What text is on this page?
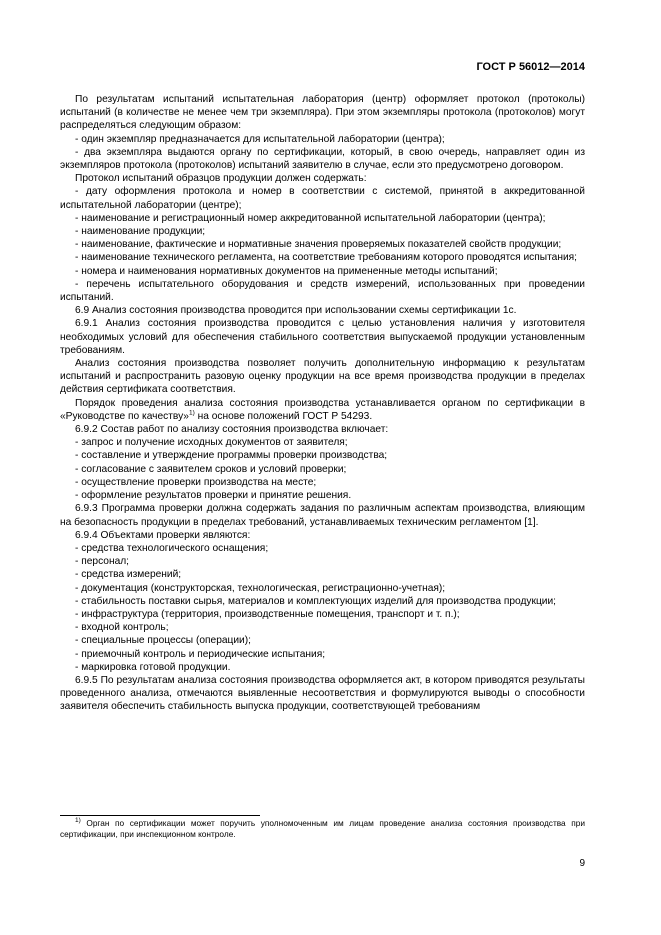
ГОСТ Р 56012—2014

По результатам испытаний испытательная лаборатория (центр) оформляет протокол (протоколы) испытаний (в количестве не менее чем три экземпляра). При этом экземпляры протокола (протоколов) могут распределяться следующим образом:

- один экземпляр предназначается для испытательной лаборатории (центра);

- два экземпляра выдаются органу по сертификации, который, в свою очередь, направляет один из экземпляров протокола (протоколов) испытаний заявителю в случае, если это предусмотрено договором.

Протокол испытаний образцов продукции должен содержать:

- дату оформления протокола и номер в соответствии с системой, принятой в аккредитованной испытательной лаборатории (центре);

- наименование и регистрационный номер аккредитованной испытательной лаборатории (центра);

- наименование продукции;

- наименование, фактические и нормативные значения проверяемых показателей свойств продукции;

- наименование технического регламента, на соответствие требованиям которого проводятся испытания;

- номера и наименования нормативных документов на примененные методы испытаний;

- перечень испытательного оборудования и средств измерений, использованных при проведении испытаний.

6.9 Анализ состояния производства проводится при использовании схемы сертификации 1с.

6.9.1 Анализ состояния производства проводится с целью установления наличия у изготовителя необходимых условий для обеспечения стабильного соответствия выпускаемой продукции установленным требованиям.

Анализ состояния производства позволяет получить дополнительную информацию к результатам испытаний и распространить разовую оценку продукции на все время производства продукции в пределах действия сертификата соответствия.

Порядок проведения анализа состояния производства устанавливается органом по сертификации в «Руководстве по качеству»$^{1)}$ на основе положений ГОСТ Р 54293.

6.9.2 Состав работ по анализу состояния производства включает:

- запрос и получение исходных документов от заявителя;

- составление и утверждение программы проверки производства;

- согласование с заявителем сроков и условий проверки;

- осуществление проверки производства на месте;

- оформление результатов проверки и принятие решения.

6.9.3 Программа проверки должна содержать задания по различным аспектам производства, влияющим на безопасность продукции в пределах требований, устанавливаемых техническим регламентом [1].

6.9.4 Объектами проверки являются:

- средства технологического оснащения;

- персонал;

- средства измерений;

- документация (конструкторская, технологическая, регистрационно-учетная);

- стабильность поставки сырья, материалов и комплектующих изделий для производства продукции;

- инфраструктура (территория, производственные помещения, транспорт и т. п.);

- входной контроль;

- специальные процессы (операции);

- приемочный контроль и периодические испытания;

- маркировка готовой продукции.

6.9.5 По результатам анализа состояния производства оформляется акт, в котором приводятся результаты проведенного анализа, отмечаются выявленные несоответствия и формулируются выводы о способности заявителя обеспечить стабильность выпуска продукции, соответствующей требованиям

$^{1)}$ Орган по сертификации может поручить уполномоченным им лицам проведение анализа состояния производства при сертификации, при инспекционном контроле.

9
